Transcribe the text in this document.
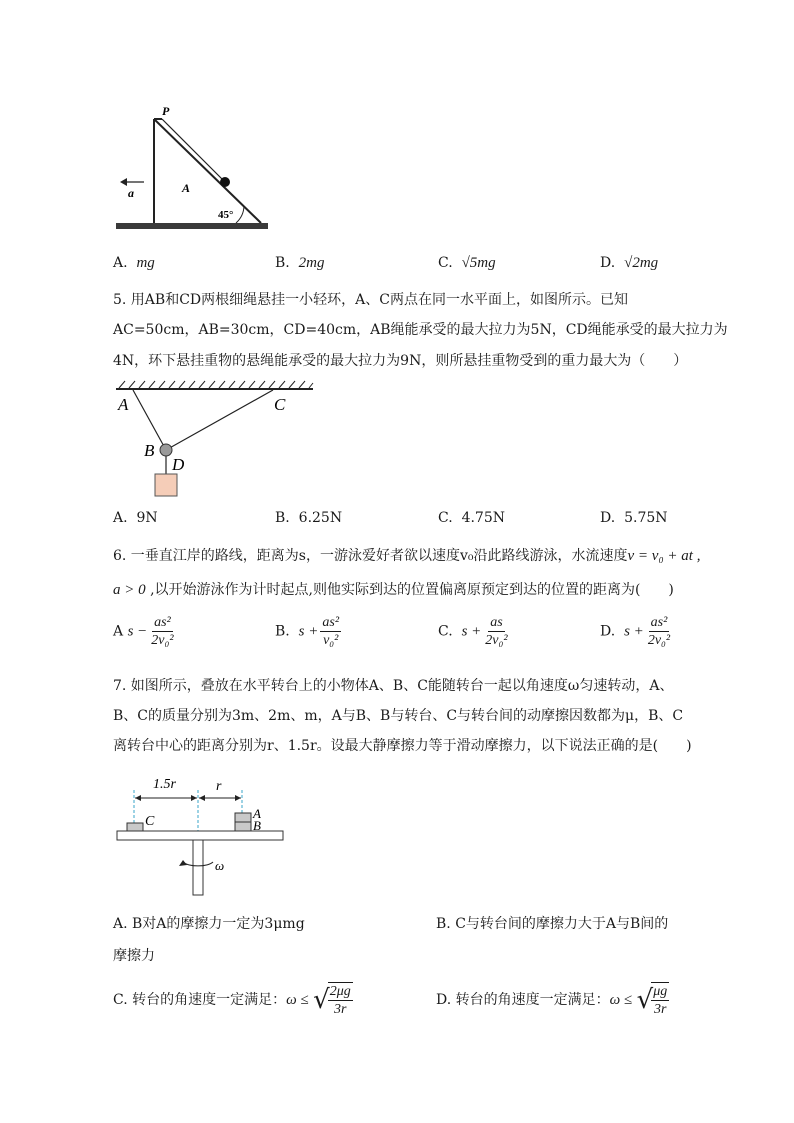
P
A
a
45°
A. mg	B. 2mg	C. √5mg	D. √2mg
5. 用AB和CD两根细绳悬挂一小轻环，A、C两点在同一水平面上，如图所示。已知
AC=50cm，AB=30cm，CD=40cm，AB绳能承受的最大拉力为5N，CD绳能承受的最大拉力为
4N，环下悬挂重物的悬绳能承受的最大拉力为9N，则所悬挂重物受到的重力最大为（　　）
A	C
B
D
A. 9N	B. 6.25N	C. 4.75N	D. 5.75N
6. 一垂直江岸的路线，距离为s，一游泳爱好者欲以速度v₀沿此路线游泳，水流速度v = v₀ + at ,
a > 0 ,以开始游泳作为计时起点,则他实际到达的位置偏离原预定到达的位置的距离为(　　)
A $s - \frac{\text{as²}}{\text{2v₀²}}$	B. $s + \frac{\text{as²}}{\text{v₀²}}$	C. $s + \frac{as}{\text{2v₀²}}$	D. $s + \frac{\text{as²}}{\text{2v₀²}}$
7. 如图所示，叠放在水平转台上的小物体A、B、C能随转台一起以角速度ω匀速转动，A、
B、C的质量分别为3m、2m、m，A与B、B与转台、C与转台间的动摩擦因数都为μ，B、C
离转台中心的距离分别为r、1.5r。设最大静摩擦力等于滑动摩擦力，以下说法正确的是(　　)
1.5r	r
C
A
B
ω
A. B对A的摩擦力一定为3μmg	B. C与转台间的摩擦力大于A与B间的
摩擦力
C. 转台的角速度一定满足：ω ≤ √
$\frac{2\mu g}{3r}$	D. 转台的角速度一定满足：ω ≤ √
$\frac{\mu g}{3r}$
